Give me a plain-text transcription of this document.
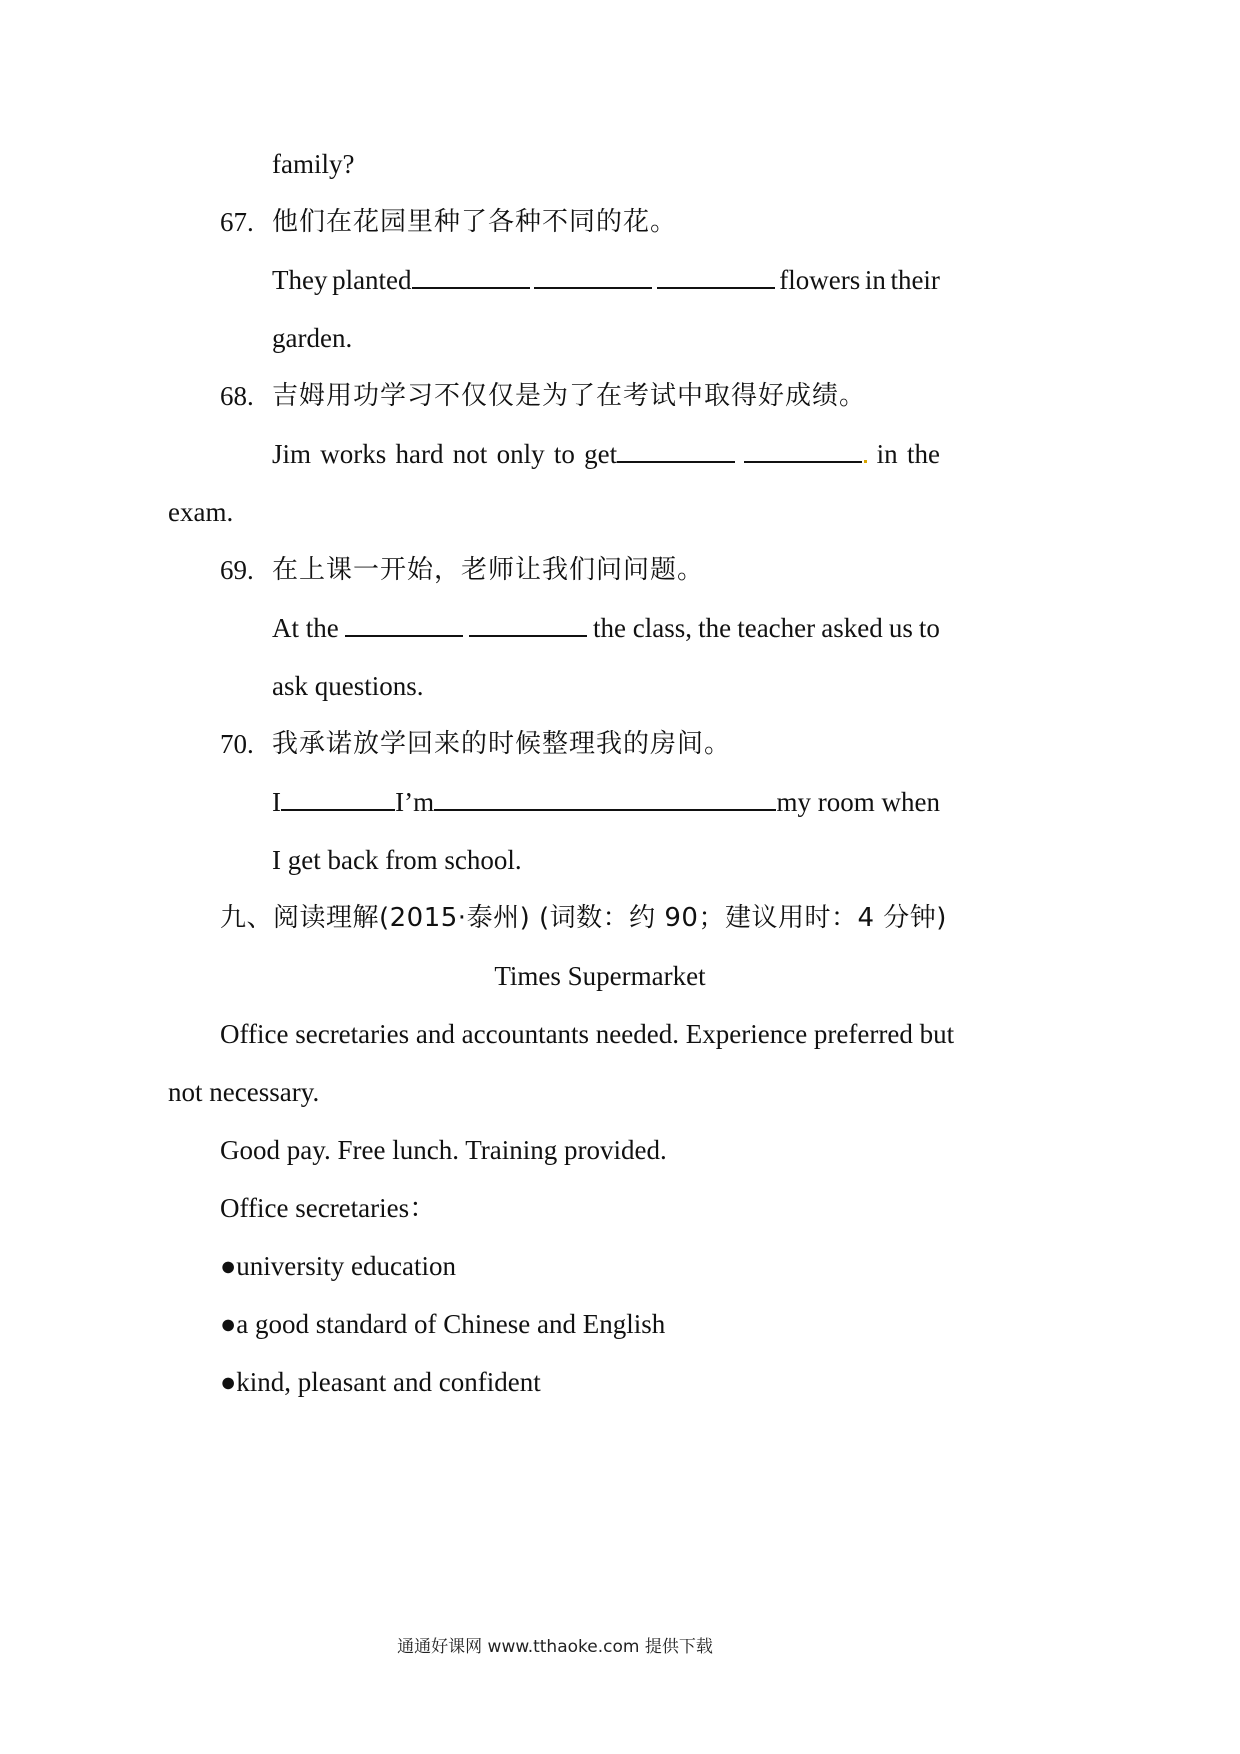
family?
67. 他们在花园里种了各种不同的花。
They planted	flowers in their
garden.
68. 吉姆用功学习不仅仅是为了在考试中取得好成绩。
Jim works hard not only to get	in the
exam.
69. 在上课一开始，老师让我们问问题。
At the	the class, the teacher asked us to
ask questions.
70. 我承诺放学回来的时候整理我的房间。
I	I’m	my room when
I get back from school.
九、阅读理解(2015·泰州) (词数：约 90；建议用时：4 分钟)
Times Supermarket
Office secretaries and accountants needed. Experience preferred but
not necessary.
Good pay. Free lunch. Training provided.
Office secretaries：
●university education
●a good standard of Chinese and English
●kind, pleasant and confident
通通好课网 www.tthaoke.com 提供下载
